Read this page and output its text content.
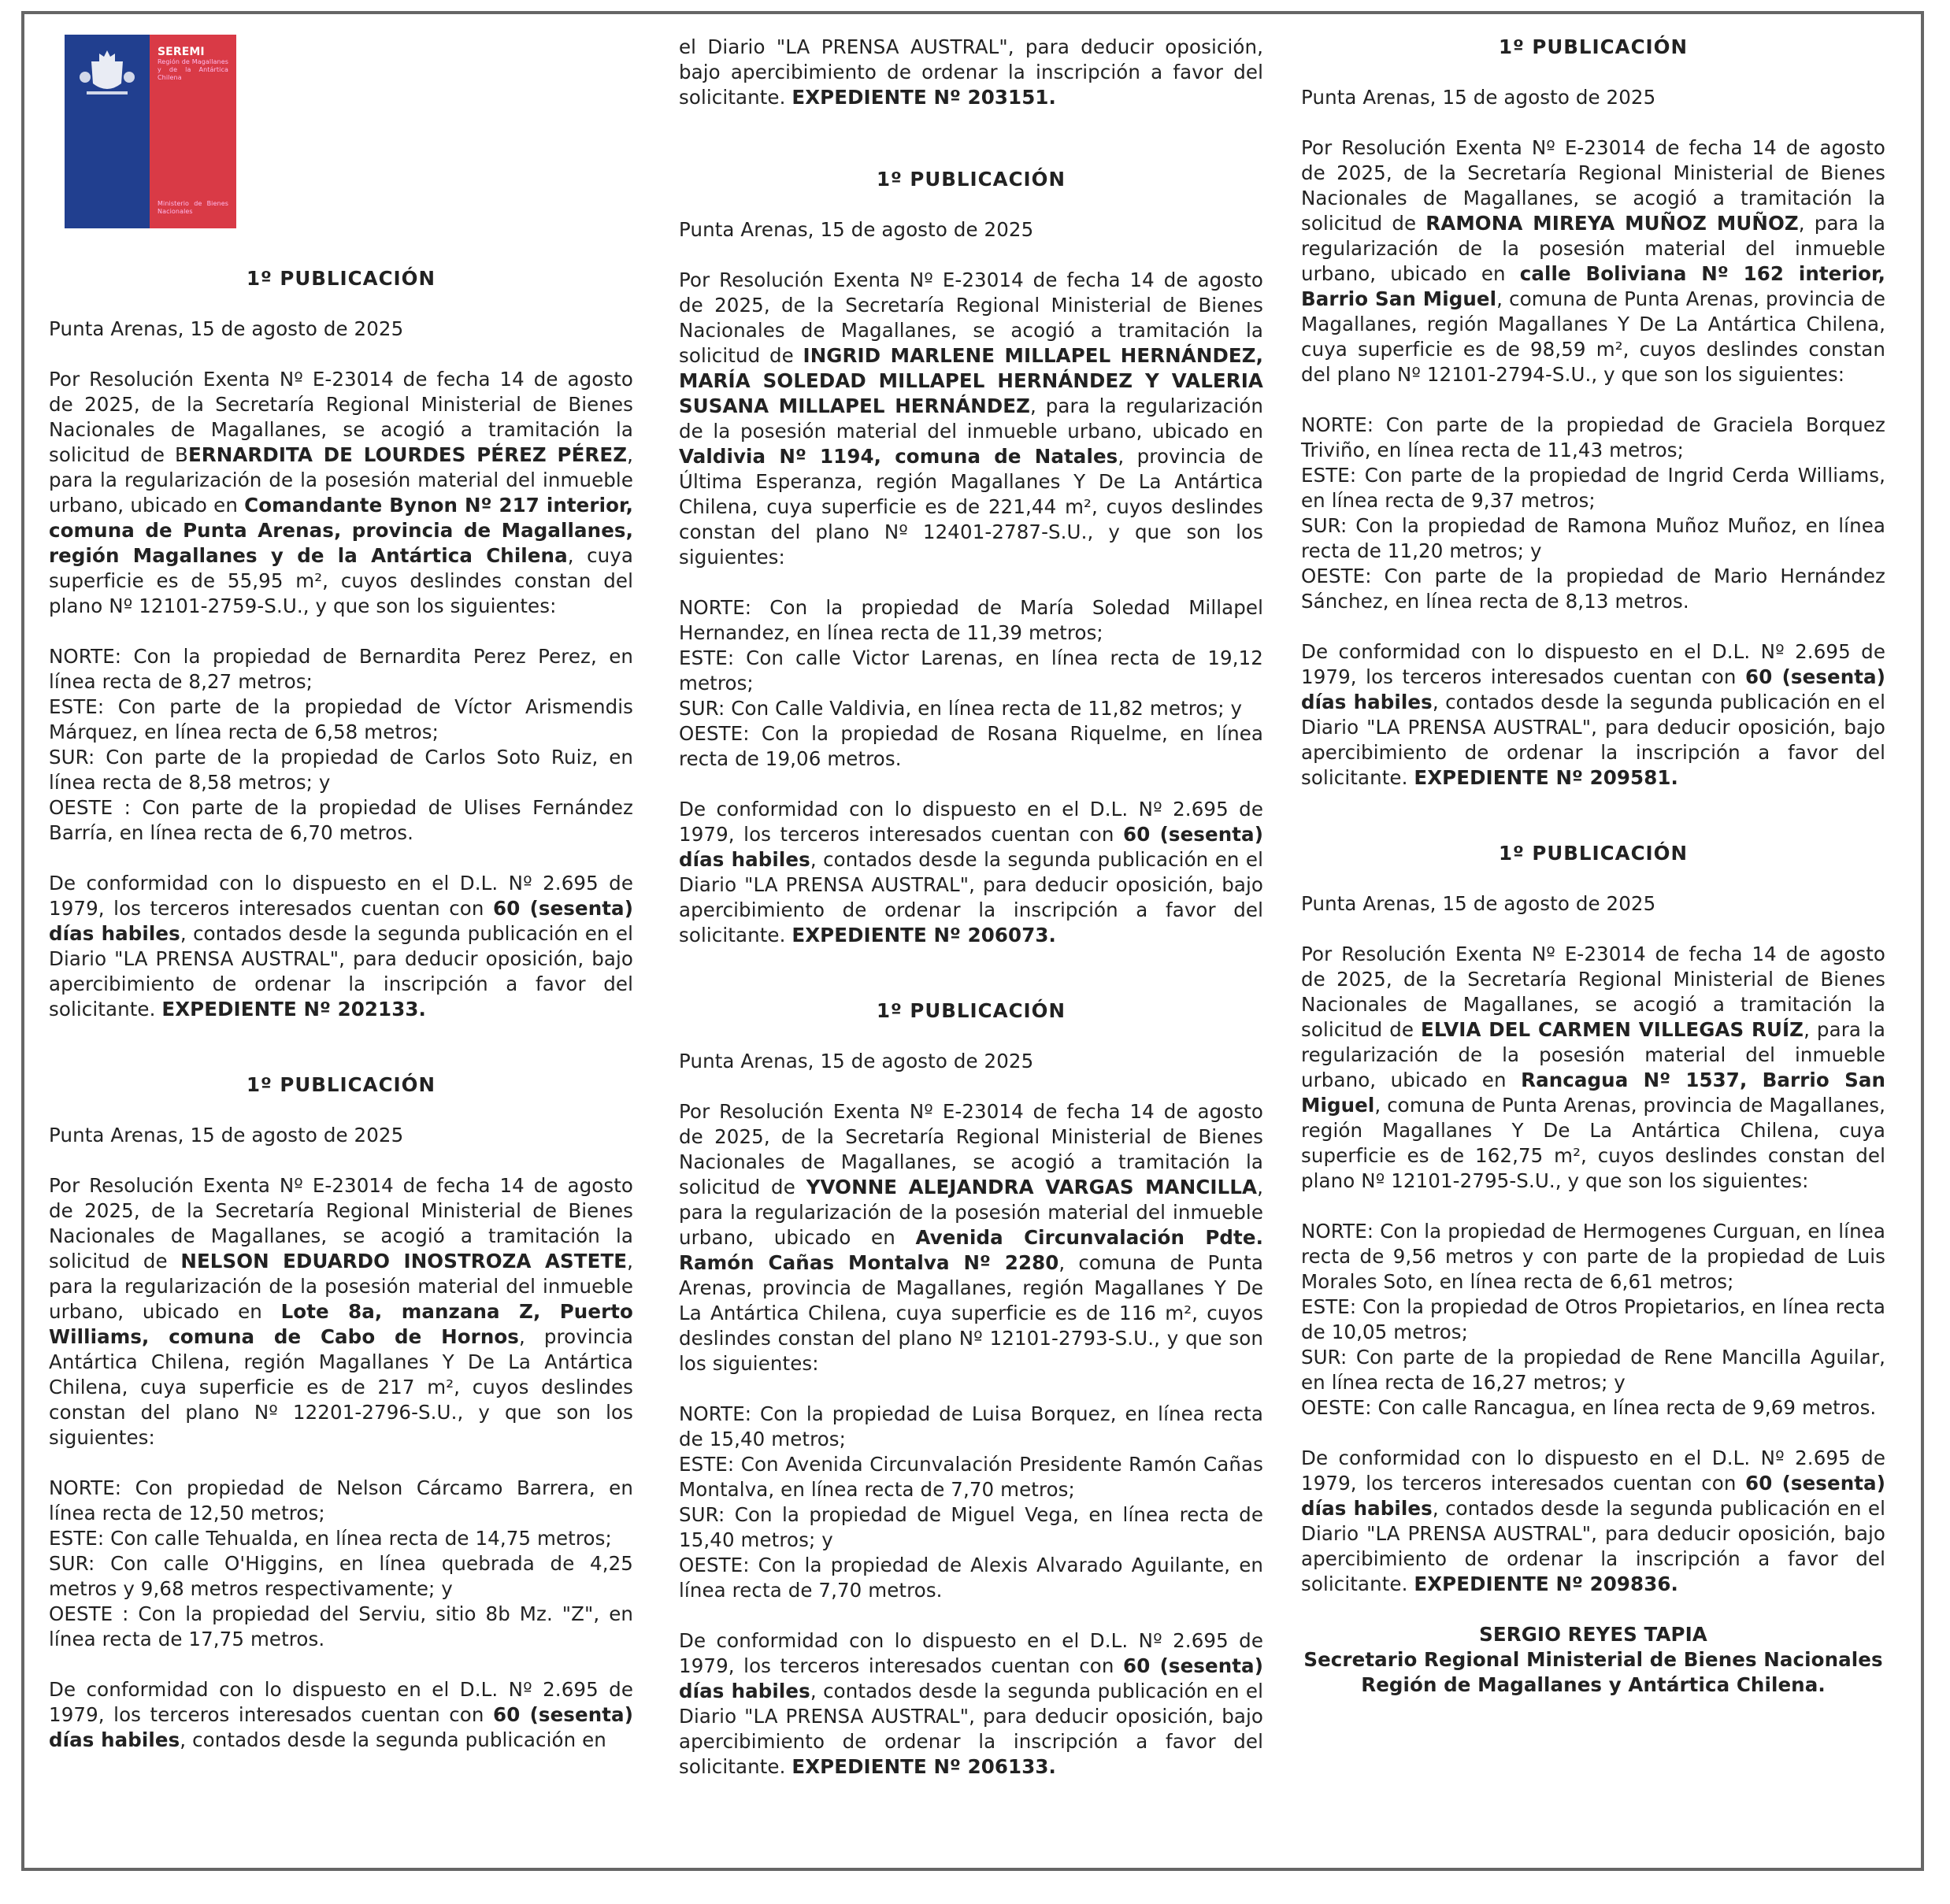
SEREMI
Región de Magallanes y de la Antártica Chilena
Ministerio de Bienes Nacionales

1º PUBLICACIÓN

Punta Arenas, 15 de agosto de 2025

Por Resolución Exenta Nº E-23014 de fecha 14 de agosto de 2025, de la Secretaría Regional Ministerial de Bienes Nacionales de Magallanes, se acogió a tramitación la solicitud de BERNARDITA DE LOURDES PÉREZ PÉREZ, para la regularización de la posesión material del inmueble urbano, ubicado en Comandante Bynon Nº 217 interior, comuna de Punta Arenas, provincia de Magallanes, región Magallanes y de la Antártica Chilena, cuya superficie es de 55,95 m², cuyos deslindes constan del plano Nº 12101-2759-S.U., y que son los siguientes:

NORTE: Con la propiedad de Bernardita Perez Perez, en línea recta de 8,27 metros;

ESTE: Con parte de la propiedad de Víctor Arismendis Márquez, en línea recta de 6,58 metros;

SUR: Con parte de la propiedad de Carlos Soto Ruiz, en línea recta de 8,58 metros; y

OESTE : Con parte de la propiedad de Ulises Fernández Barría, en línea recta de 6,70 metros.

De conformidad con lo dispuesto en el D.L. Nº 2.695 de 1979, los terceros interesados cuentan con 60 (sesenta) días habiles, contados desde la segunda publicación en el Diario "LA PRENSA AUSTRAL", para deducir oposición, bajo apercibimiento de ordenar la inscripción a favor del solicitante. EXPEDIENTE Nº 202133.

1º PUBLICACIÓN

Punta Arenas, 15 de agosto de 2025

Por Resolución Exenta Nº E-23014 de fecha 14 de agosto de 2025, de la Secretaría Regional Ministerial de Bienes Nacionales de Magallanes, se acogió a tramitación la solicitud de NELSON EDUARDO INOSTROZA ASTETE, para la regularización de la posesión material del inmueble urbano, ubicado en Lote 8a, manzana Z, Puerto Williams, comuna de Cabo de Hornos, provincia Antártica Chilena, región Magallanes Y De La Antártica Chilena, cuya superficie es de 217 m², cuyos deslindes constan del plano Nº 12201-2796-S.U., y que son los siguientes:

NORTE: Con propiedad de Nelson Cárcamo Barrera, en línea recta de 12,50 metros;

ESTE: Con calle Tehualda, en línea recta de 14,75 metros;

SUR: Con calle O'Higgins, en línea quebrada de 4,25 metros y 9,68 metros respectivamente; y

OESTE : Con la propiedad del Serviu, sitio 8b Mz. "Z", en línea recta de 17,75 metros.

De conformidad con lo dispuesto en el D.L. Nº 2.695 de 1979, los terceros interesados cuentan con 60 (sesenta) días habiles, contados desde la segunda publicación en

el Diario "LA PRENSA AUSTRAL", para deducir oposición, bajo apercibimiento de ordenar la inscripción a favor del solicitante. EXPEDIENTE Nº 203151.

1º PUBLICACIÓN

Punta Arenas, 15 de agosto de 2025

Por Resolución Exenta Nº E-23014 de fecha 14 de agosto de 2025, de la Secretaría Regional Ministerial de Bienes Nacionales de Magallanes, se acogió a tramitación la solicitud de INGRID MARLENE MILLAPEL HERNÁNDEZ, MARÍA SOLEDAD MILLAPEL HERNÁNDEZ Y VALERIA SUSANA MILLAPEL HERNÁNDEZ, para la regularización de la posesión material del inmueble urbano, ubicado en Valdivia Nº 1194, comuna de Natales, provincia de Última Esperanza, región Magallanes Y De La Antártica Chilena, cuya superficie es de 221,44 m², cuyos deslindes constan del plano Nº 12401-2787-S.U., y que son los siguientes:

NORTE: Con la propiedad de María Soledad Millapel Hernandez, en línea recta de 11,39 metros;

ESTE: Con calle Victor Larenas, en línea recta de 19,12 metros;

SUR: Con Calle Valdivia, en línea recta de 11,82 metros; y

OESTE: Con la propiedad de Rosana Riquelme, en línea recta de 19,06 metros.

De conformidad con lo dispuesto en el D.L. Nº 2.695 de 1979, los terceros interesados cuentan con 60 (sesenta) días habiles, contados desde la segunda publicación en el Diario "LA PRENSA AUSTRAL", para deducir oposición, bajo apercibimiento de ordenar la inscripción a favor del solicitante. EXPEDIENTE Nº 206073.

1º PUBLICACIÓN

Punta Arenas, 15 de agosto de 2025

Por Resolución Exenta Nº E-23014 de fecha 14 de agosto de 2025, de la Secretaría Regional Ministerial de Bienes Nacionales de Magallanes, se acogió a tramitación la solicitud de YVONNE ALEJANDRA VARGAS MANCILLA, para la regularización de la posesión material del inmueble urbano, ubicado en Avenida Circunvalación Pdte. Ramón Cañas Montalva Nº 2280, comuna de Punta Arenas, provincia de Magallanes, región Magallanes Y De La Antártica Chilena, cuya superficie es de 116 m², cuyos deslindes constan del plano Nº 12101-2793-S.U., y que son los siguientes:

NORTE: Con la propiedad de Luisa Borquez, en línea recta de 15,40 metros;

ESTE: Con Avenida Circunvalación Presidente Ramón Cañas Montalva, en línea recta de 7,70 metros;

SUR: Con la propiedad de Miguel Vega, en línea recta de 15,40 metros; y

OESTE: Con la propiedad de Alexis Alvarado Aguilante, en línea recta de 7,70 metros.

De conformidad con lo dispuesto en el D.L. Nº 2.695 de 1979, los terceros interesados cuentan con 60 (sesenta) días habiles, contados desde la segunda publicación en el Diario "LA PRENSA AUSTRAL", para deducir oposición, bajo apercibimiento de ordenar la inscripción a favor del solicitante. EXPEDIENTE Nº 206133.

1º PUBLICACIÓN

Punta Arenas, 15 de agosto de 2025

Por Resolución Exenta Nº E-23014 de fecha 14 de agosto de 2025, de la Secretaría Regional Ministerial de Bienes Nacionales de Magallanes, se acogió a tramitación la solicitud de RAMONA MIREYA MUÑOZ MUÑOZ, para la regularización de la posesión material del inmueble urbano, ubicado en calle Boliviana Nº 162 interior, Barrio San Miguel, comuna de Punta Arenas, provincia de Magallanes, región Magallanes Y De La Antártica Chilena, cuya superficie es de 98,59 m², cuyos deslindes constan del plano Nº 12101-2794-S.U., y que son los siguientes:

NORTE: Con parte de la propiedad de Graciela Borquez Triviño, en línea recta de 11,43 metros;

ESTE: Con parte de la propiedad de Ingrid Cerda Williams, en línea recta de 9,37 metros;

SUR: Con la propiedad de Ramona Muñoz Muñoz, en línea recta de 11,20 metros; y

OESTE: Con parte de la propiedad de Mario Hernández Sánchez, en línea recta de 8,13 metros.

De conformidad con lo dispuesto en el D.L. Nº 2.695 de 1979, los terceros interesados cuentan con 60 (sesenta) días habiles, contados desde la segunda publicación en el Diario "LA PRENSA AUSTRAL", para deducir oposición, bajo apercibimiento de ordenar la inscripción a favor del solicitante. EXPEDIENTE Nº 209581.

1º PUBLICACIÓN

Punta Arenas, 15 de agosto de 2025

Por Resolución Exenta Nº E-23014 de fecha 14 de agosto de 2025, de la Secretaría Regional Ministerial de Bienes Nacionales de Magallanes, se acogió a tramitación la solicitud de ELVIA DEL CARMEN VILLEGAS RUÍZ, para la regularización de la posesión material del inmueble urbano, ubicado en Rancagua Nº 1537, Barrio San Miguel, comuna de Punta Arenas, provincia de Magallanes, región Magallanes Y De La Antártica Chilena, cuya superficie es de 162,75 m², cuyos deslindes constan del plano Nº 12101-2795-S.U., y que son los siguientes:

NORTE: Con la propiedad de Hermogenes Curguan, en línea recta de 9,56 metros y con parte de la propiedad de Luis Morales Soto, en línea recta de 6,61 metros;

ESTE: Con la propiedad de Otros Propietarios, en línea recta de 10,05 metros;

SUR: Con parte de la propiedad de Rene Mancilla Aguilar, en línea recta de 16,27 metros; y

OESTE: Con calle Rancagua, en línea recta de 9,69 metros.

De conformidad con lo dispuesto en el D.L. Nº 2.695 de 1979, los terceros interesados cuentan con 60 (sesenta) días habiles, contados desde la segunda publicación en el Diario "LA PRENSA AUSTRAL", para deducir oposición, bajo apercibimiento de ordenar la inscripción a favor del solicitante. EXPEDIENTE Nº 209836.

SERGIO REYES TAPIA

Secretario Regional Ministerial de Bienes Nacionales

Región de Magallanes y Antártica Chilena.
